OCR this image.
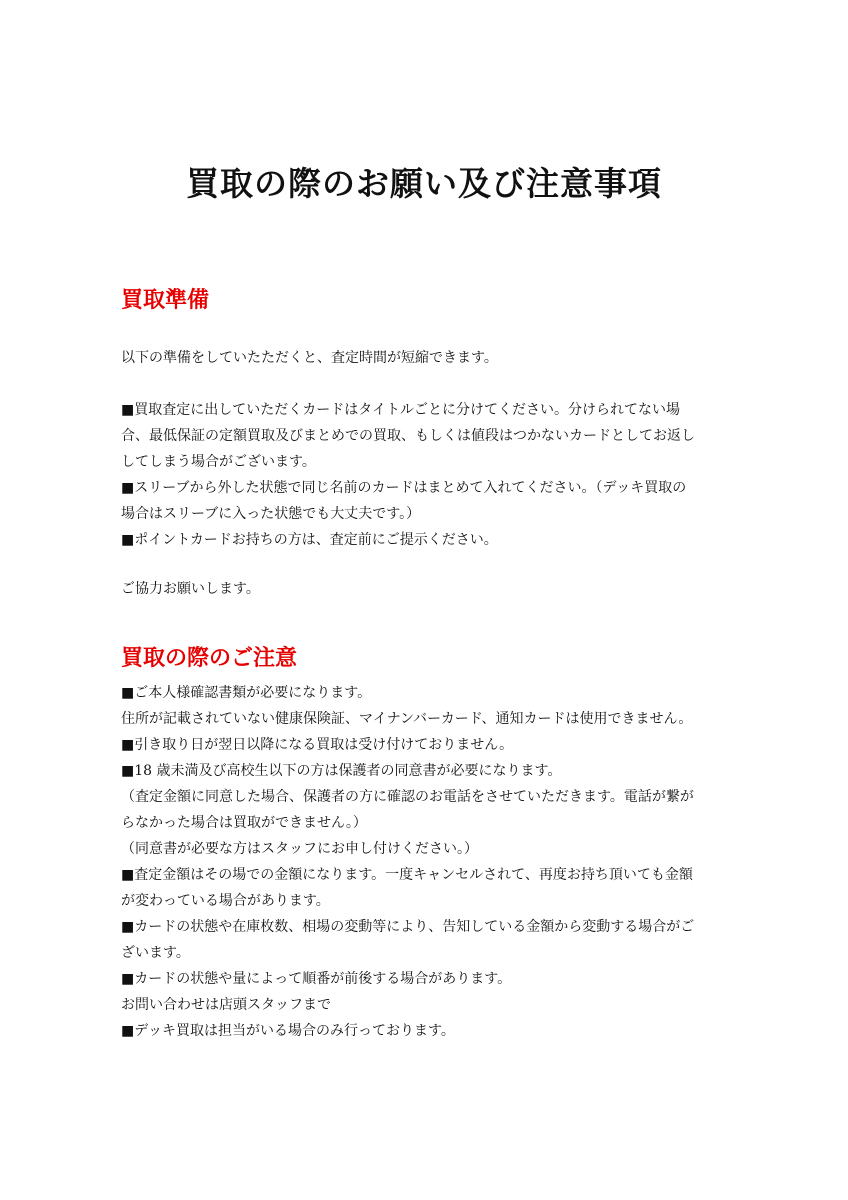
買取の際のお願い及び注意事項
買取準備

以下の準備をしていたただくと、査定時間が短縮できます。

■買取査定に出していただくカードはタイトルごとに分けてください。分けられてない場

合、最低保証の定額買取及びまとめでの買取、もしくは値段はつかないカードとしてお返し

してしまう場合がございます。

■スリーブから外した状態で同じ名前のカードはまとめて入れてください。（デッキ買取の

場合はスリーブに入った状態でも大丈夫です。）

■ポイントカードお持ちの方は、査定前にご提示ください。

ご協力お願いします。

買取の際のご注意

■ご本人様確認書類が必要になります。

住所が記載されていない健康保険証、マイナンバーカード、通知カードは使用できません。

■引き取り日が翌日以降になる買取は受け付けておりません。

■18 歳未満及び高校生以下の方は保護者の同意書が必要になります。

（査定金額に同意した場合、保護者の方に確認のお電話をさせていただきます。電話が繋が

らなかった場合は買取ができません。）

（同意書が必要な方はスタッフにお申し付けください。）

■査定金額はその場での金額になります。一度キャンセルされて、再度お持ち頂いても金額

が変わっている場合があります。

■カードの状態や在庫枚数、相場の変動等により、告知している金額から変動する場合がご

ざいます。

■カードの状態や量によって順番が前後する場合があります。

お問い合わせは店頭スタッフまで

■デッキ買取は担当がいる場合のみ行っております。
